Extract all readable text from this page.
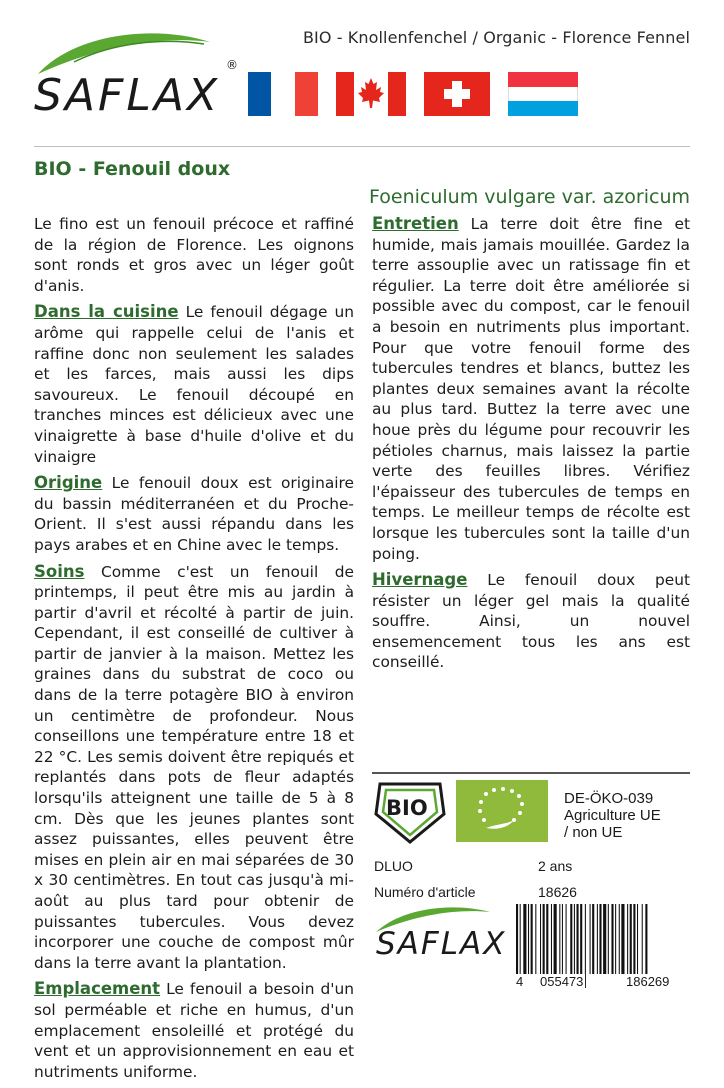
BIO - Knollenfenchel / Organic - Florence Fennel
SAFLAX
®
BIO - Fenouil doux
Foeniculum vulgare var. azoricum

Le fino est un fenouil précoce et raffiné de la région de Florence. Les oignons sont ronds et gros avec un léger goût d'anis.

Dans la cuisine Le fenouil dégage un arôme qui rappelle celui de l'anis et raffine donc non seulement les salades et les farces, mais aussi les dips savoureux. Le fenouil découpé en tranches minces est délicieux avec une vinaigrette à base d'huile d'olive et du vinaigre

Origine Le fenouil doux est originaire du bassin méditerranéen et du Proche-Orient. Il s'est aussi répandu dans les pays arabes et en Chine avec le temps.

Soins Comme c'est un fenouil de printemps, il peut être mis au jardin à partir d'avril et récolté à partir de juin. Cependant, il est conseillé de cultiver à partir de janvier à la maison. Mettez les graines dans du substrat de coco ou dans de la terre potagère BIO à environ un centimètre de profondeur. Nous conseillons une température entre 18 et 22 °C. Les semis doivent être repiqués et replantés dans pots de fleur adaptés lorsqu'ils atteignent une taille de 5 à 8 cm. Dès que les jeunes plantes sont assez puissantes, elles peuvent être mises en plein air en mai séparées de 30 x 30 centimètres. En tout cas jusqu'à mi-août au plus tard pour obtenir de puissantes tubercules. Vous devez incorporer une couche de compost mûr dans la terre avant la plantation.

Emplacement Le fenouil a besoin d'un sol perméable et riche en humus, d'un emplacement ensoleillé et protégé du vent et un approvisionnement en eau et nutriments uniforme.

Entretien La terre doit être fine et humide, mais jamais mouillée. Gardez la terre assouplie avec un ratissage fin et régulier. La terre doit être améliorée si possible avec du compost, car le fenouil a besoin en nutriments plus important. Pour que votre fenouil forme des tubercules tendres et blancs, buttez les plantes deux semaines avant la récolte au plus tard. Buttez la terre avec une houe près du légume pour recouvrir les pétioles charnus, mais laissez la partie verte des feuilles libres. Vérifiez l'épaisseur des tubercules de temps en temps. Le meilleur temps de récolte est lorsque les tubercules sont la taille d'un poing.

Hivernage Le fenouil doux peut résister un léger gel mais la qualité souffre. Ainsi, un nouvel ensemencement tous les ans est conseillé.

BIO	DE-ÖKO-039
Agriculture UE
/ non UE
DLUO	2 ans
Numéro d'article	18626
SAFLAX
4 055473	186269
